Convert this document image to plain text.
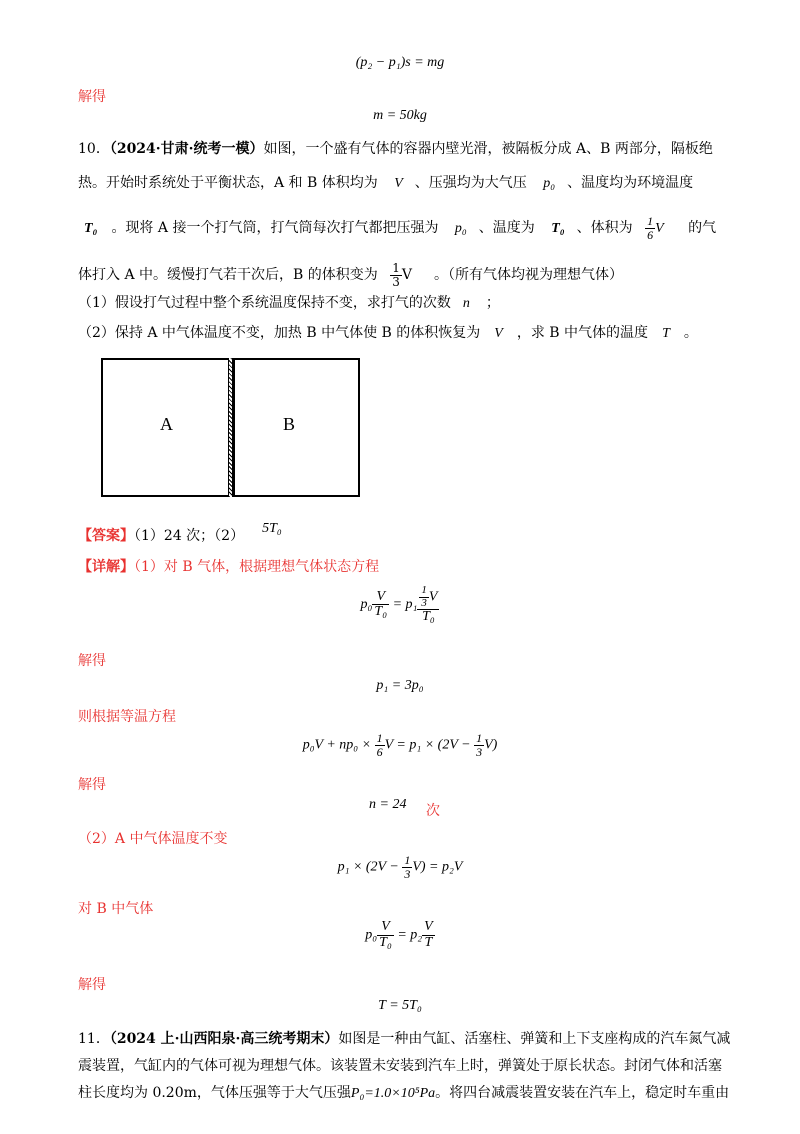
(p₂ − p₁)s = mg
解得
m = 50kg
10．（2024·甘肃·统考一模）如图，一个盛有气体的容器内壁光滑，被隔板分成 A、B 两部分，隔板绝
热。开始时系统处于平衡状态，A 和 B 体积均为 V 、压强均为大气压 p₀ 、温度均为环境温度
T₀ 。现将 A 接一个打气筒，打气筒每次打气都把压强为 p₀ 、温度为 T₀ 、体积为 $\frac{1}{6}$ V 的气
体打入 A 中。缓慢打气若干次后，B 的体积变为 $\frac{1}{3}$ V 。（所有气体均视为理想气体）
（1）假设打气过程中整个系统温度保持不变，求打气的次数 n ；
（2）保持 A 中气体温度不变，加热 B 中气体使 B 的体积恢复为 V ，求 B 中气体的温度 T 。
A	B
【答案】（1）24 次；（2） 5T₀
【详解】（1）对 B 气体，根据理想气体状态方程
$p_0 \frac{V}{\text{T₀}} = p_1 \frac{\frac{1}{3} V}{\text{T₀}}$
解得
p₁ = 3p₀
则根据等温方程
$p_0V + np_0 \times \frac{1}{6}$ $V = p_1 \times (2V - \frac{1}{3} V)$
解得
n = 24 次
（2）A 中气体温度不变
$p_1 \times (2V - \frac{1}{3} V) = p_2V$
对 B 中气体
$p_0 \frac{V}{\text{T₀}} = p_2 \frac{V}{T}$
解得
T = 5T₀
11．（2024 上·山西阳泉·高三统考期末）如图是一种由气缸、活塞柱、弹簧和上下支座构成的汽车氮气减
震装置，气缸内的气体可视为理想气体。该装置未安装到汽车上时，弹簧处于原长状态。封闭气体和活塞
柱长度均为 0.20m，气体压强等于大气压强P₀=1.0×10⁵Pa。将四台减震装置安装在汽车上，稳定时车重由
